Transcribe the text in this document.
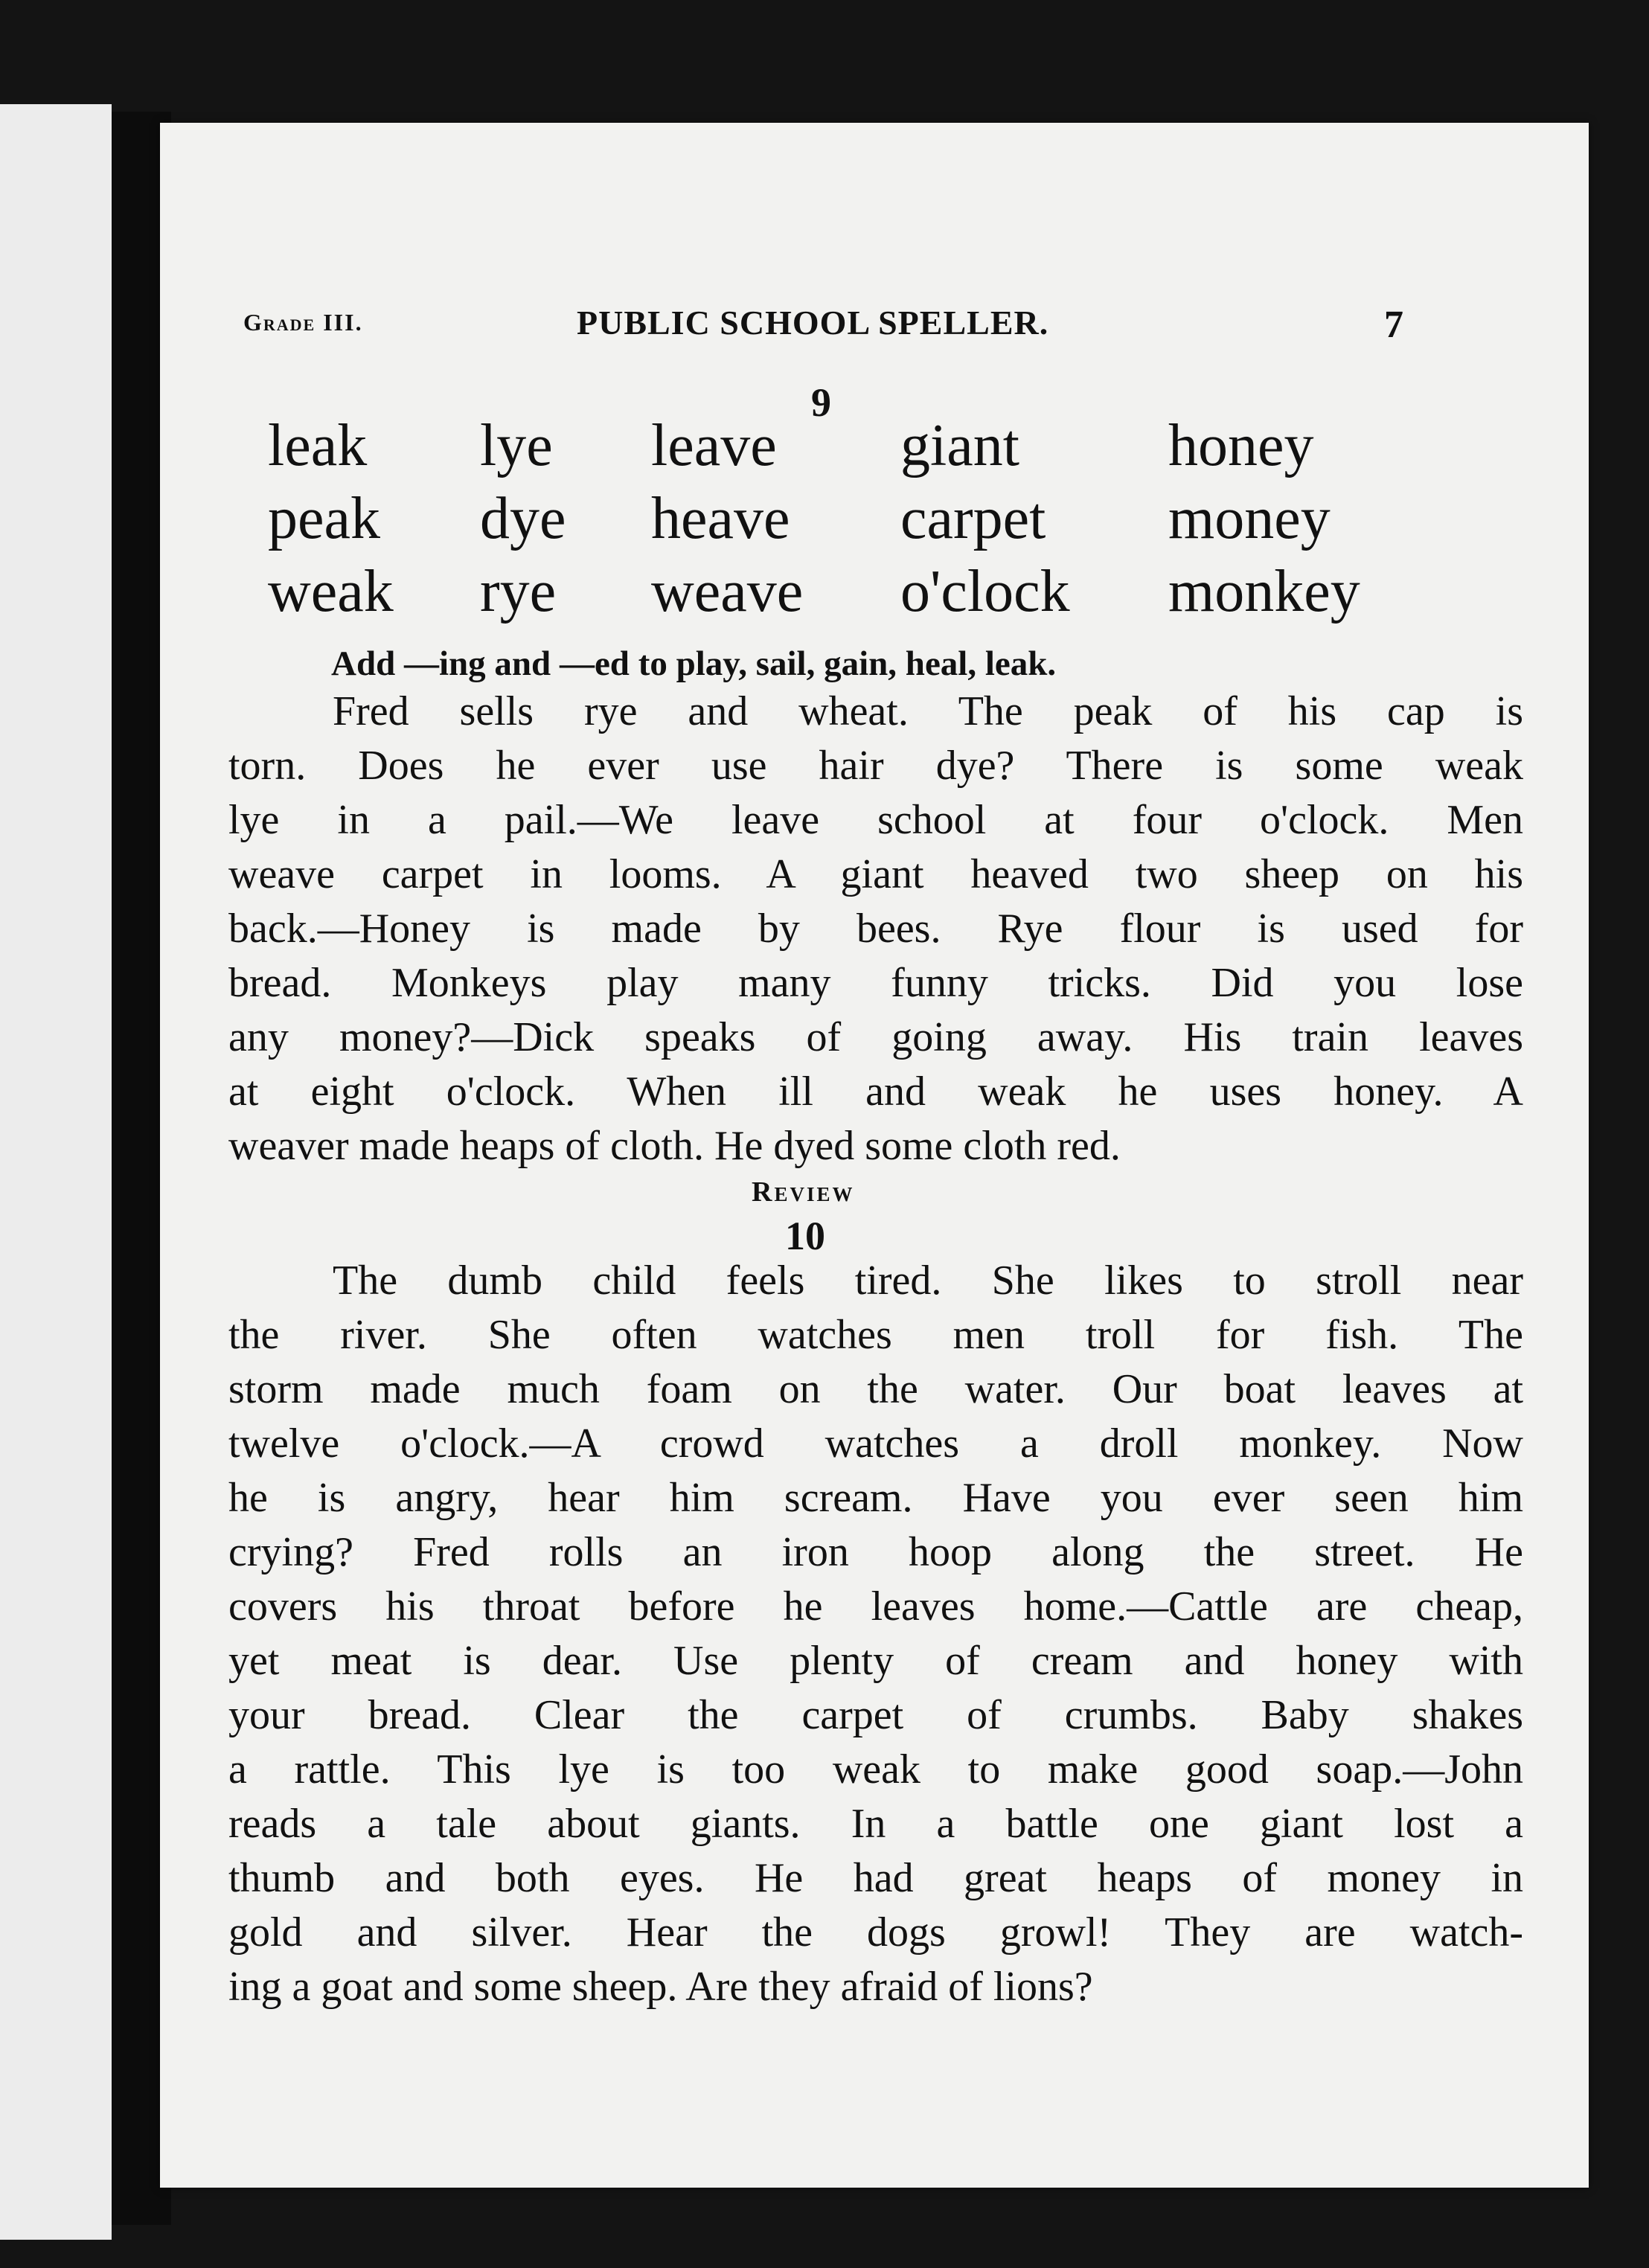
Grade III.	PUBLIC SCHOOL SPELLER.	7
9
leak	lye	leave	giant	honey
peak	dye	heave	carpet	money
weak	rye	weave	o'clock	monkey
Add —ing and —ed to play, sail, gain, heal, leak.
Fred sells rye and wheat. The peak of his cap is
torn. Does he ever use hair dye? There is some weak
lye in a pail.—We leave school at four o'clock. Men
weave carpet in looms. A giant heaved two sheep on his
back.—Honey is made by bees. Rye flour is used for
bread. Monkeys play many funny tricks. Did you lose
any money?—Dick speaks of going away. His train leaves
at eight o'clock. When ill and weak he uses honey. A
weaver made heaps of cloth. He dyed some cloth red.
Review
10
The dumb child feels tired. She likes to stroll near
the river. She often watches men troll for fish. The
storm made much foam on the water. Our boat leaves at
twelve o'clock.—A crowd watches a droll monkey. Now
he is angry, hear him scream. Have you ever seen him
crying? Fred rolls an iron hoop along the street. He
covers his throat before he leaves home.—Cattle are cheap,
yet meat is dear. Use plenty of cream and honey with
your bread. Clear the carpet of crumbs. Baby shakes
a rattle. This lye is too weak to make good soap.—John
reads a tale about giants. In a battle one giant lost a
thumb and both eyes. He had great heaps of money in
gold and silver. Hear the dogs growl! They are watch-
ing a goat and some sheep. Are they afraid of lions?
